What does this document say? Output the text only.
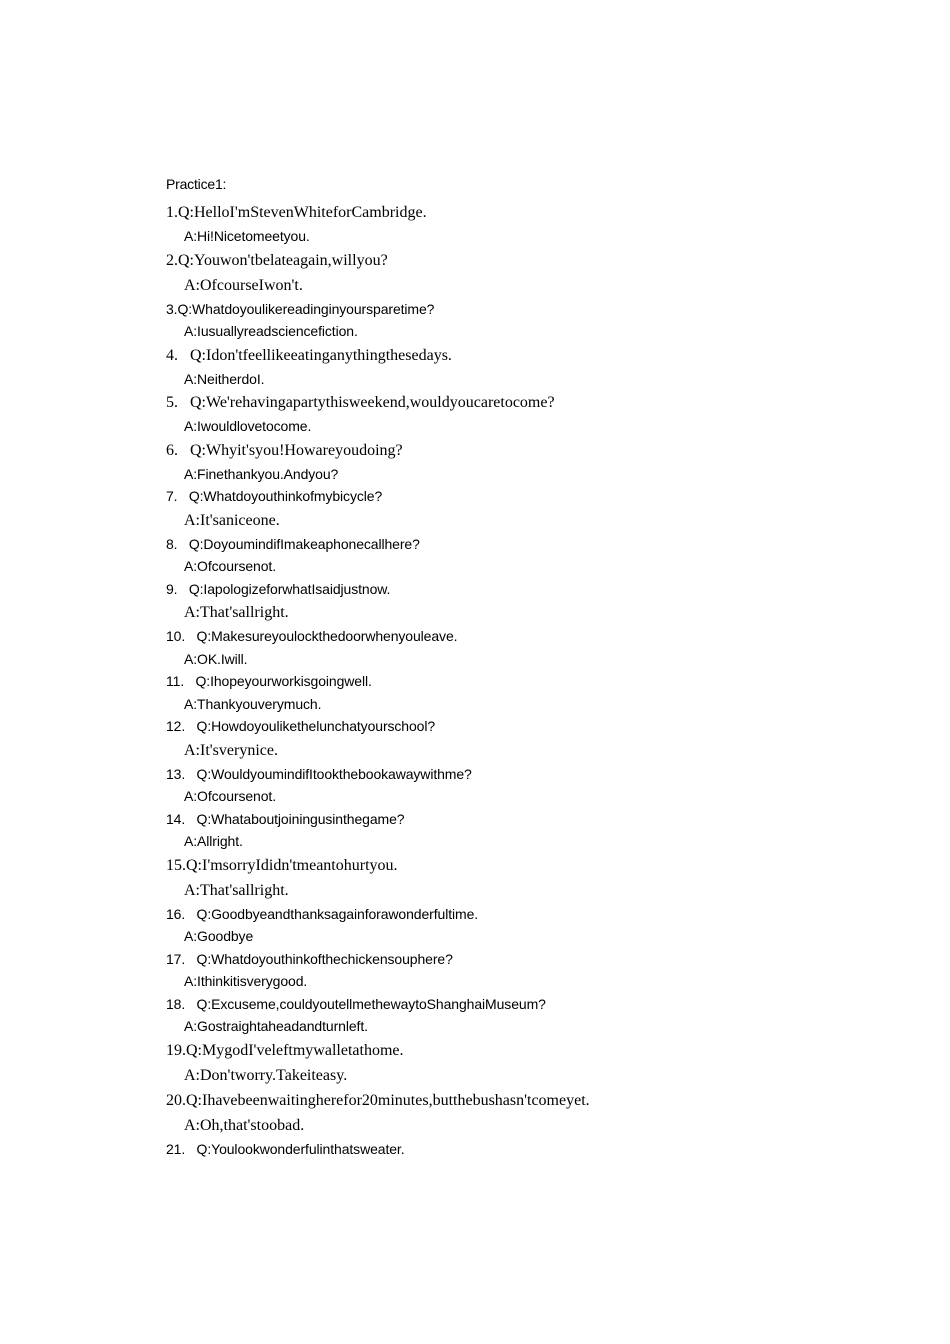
Practice1:
1.Q:HelloI'mStevenWhiteforCambridge.
A:Hi!Nicetomeetyou.
2.Q:Youwon'tbelateagain,willyou?
A:OfcourseIwon't.
3.Q:Whatdoyoulikereadinginyoursparetime?
A:Iusuallyreadsciencefiction.
4.   Q:Idon'tfeellikeeatinganythingthesedays.
A:NeitherdoI.
5.   Q:We'rehavingapartythisweekend,wouldyoucaretocome?
A:Iwouldlovetocome.
6.   Q:Whyit'syou!Howareyoudoing?
A:Finethankyou.Andyou?
7.   Q:Whatdoyouthinkofmybicycle?
A:It'saniceone.
8.   Q:DoyoumindifImakeaphonecallhere?
A:Ofcoursenot.
9.   Q:IapologizeforwhatIsaidjustnow.
A:That'sallright.
10.   Q:Makesureyoulockthedoorwhenyouleave.
A:OK.Iwill.
11.   Q:Ihopeyourworkisgoingwell.
A:Thankyouverymuch.
12.   Q:Howdoyoulikethelunchatyourschool?
A:It'sverynice.
13.   Q:WouldyoumindifItookthebookawaywithme?
A:Ofcoursenot.
14.   Q:Whataboutjoiningusinthegame?
A:Allright.
15.Q:I'msorryIdidn'tmeantohurtyou.
A:That'sallright.
16.   Q:Goodbyeandthanksagainforawonderfultime.
A:Goodbye
17.   Q:Whatdoyouthinkofthechickensouphere?
A:Ithinkitisverygood.
18.   Q:Excuseme,couldyoutellmethewaytoShanghaiMuseum?
A:Gostraightaheadandturnleft.
19.Q:MygodI'veleftmywalletathome.
A:Don'tworry.Takeiteasy.
20.Q:Ihavebeenwaitingherefor20minutes,butthebushasn'tcomeyet.
A:Oh,that'stoobad.
21.   Q:Youlookwonderfulinthatsweater.
